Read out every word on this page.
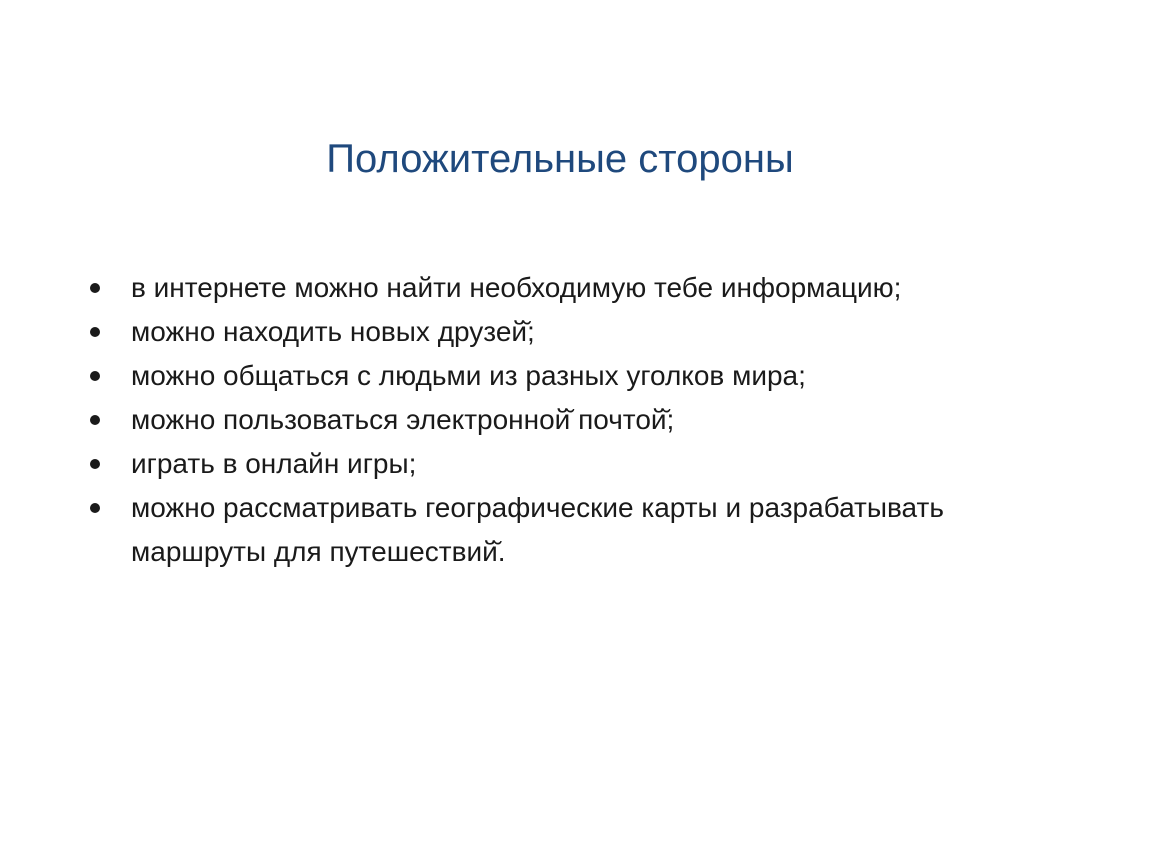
Положительные стороны
в интернете можно найти необходимую тебе информацию;
можно находить новых друзей̆;
можно общаться с людьми из разных уголков мира;
можно пользоваться электронной̆ почтой̆;
играть в онлайн игры;
можно рассматривать географические карты и разрабатывать маршруты для путешествий̆.
